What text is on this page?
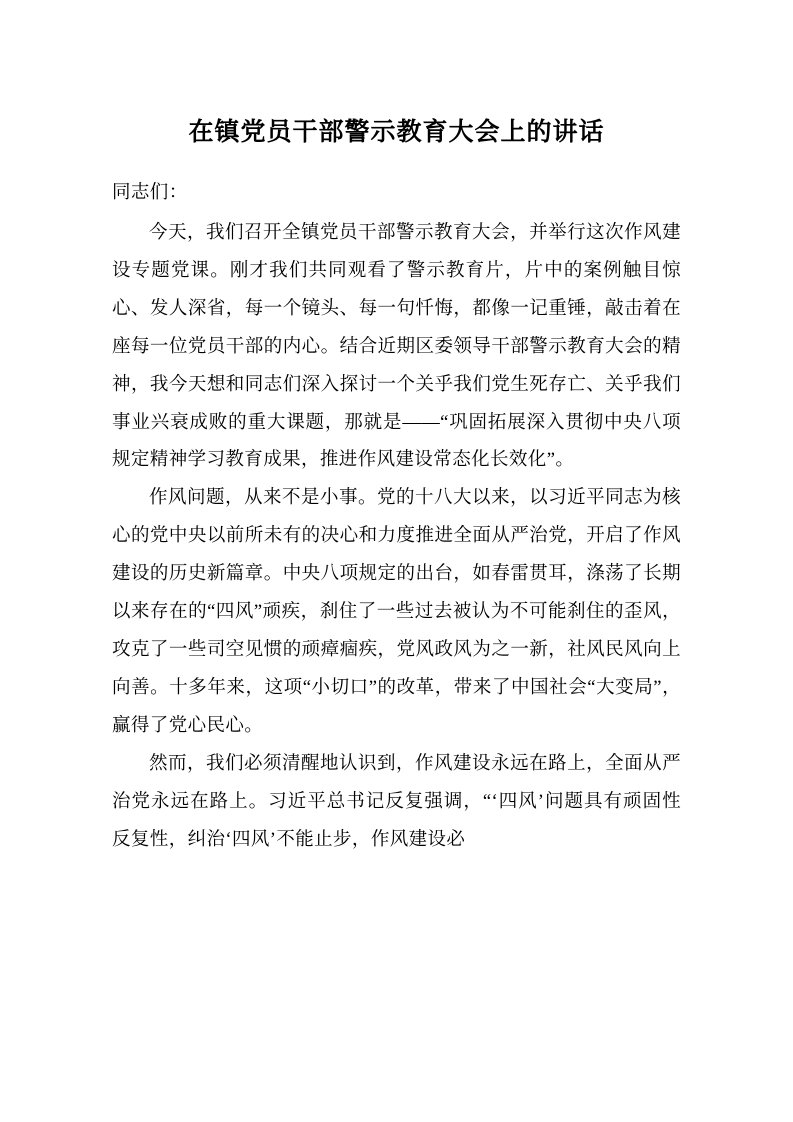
在镇党员干部警示教育大会上的讲话

同志们：

今天，我们召开全镇党员干部警示教育大会，并举行这次作风建设专题党课。刚才我们共同观看了警示教育片，片中的案例触目惊心、发人深省，每一个镜头、每一句忏悔，都像一记重锤，敲击着在座每一位党员干部的内心。结合近期区委领导干部警示教育大会的精神，我今天想和同志们深入探讨一个关乎我们党生死存亡、关乎我们事业兴衰成败的重大课题，那就是——“巩固拓展深入贯彻中央八项规定精神学习教育成果，推进作风建设常态化长效化”。

作风问题，从来不是小事。党的十八大以来，以习近平同志为核心的党中央以前所未有的决心和力度推进全面从严治党，开启了作风建设的历史新篇章。中央八项规定的出台，如春雷贯耳，涤荡了长期以来存在的“四风”顽疾，刹住了一些过去被认为不可能刹住的歪风，攻克了一些司空见惯的顽瘴痼疾，党风政风为之一新，社风民风向上向善。十多年来，这项“小切口”的改革，带来了中国社会“大变局”，赢得了党心民心。

然而，我们必须清醒地认识到，作风建设永远在路上，全面从严治党永远在路上。习近平总书记反复强调，“‘四风’问题具有顽固性反复性，纠治‘四风’不能止步，作风建设必
